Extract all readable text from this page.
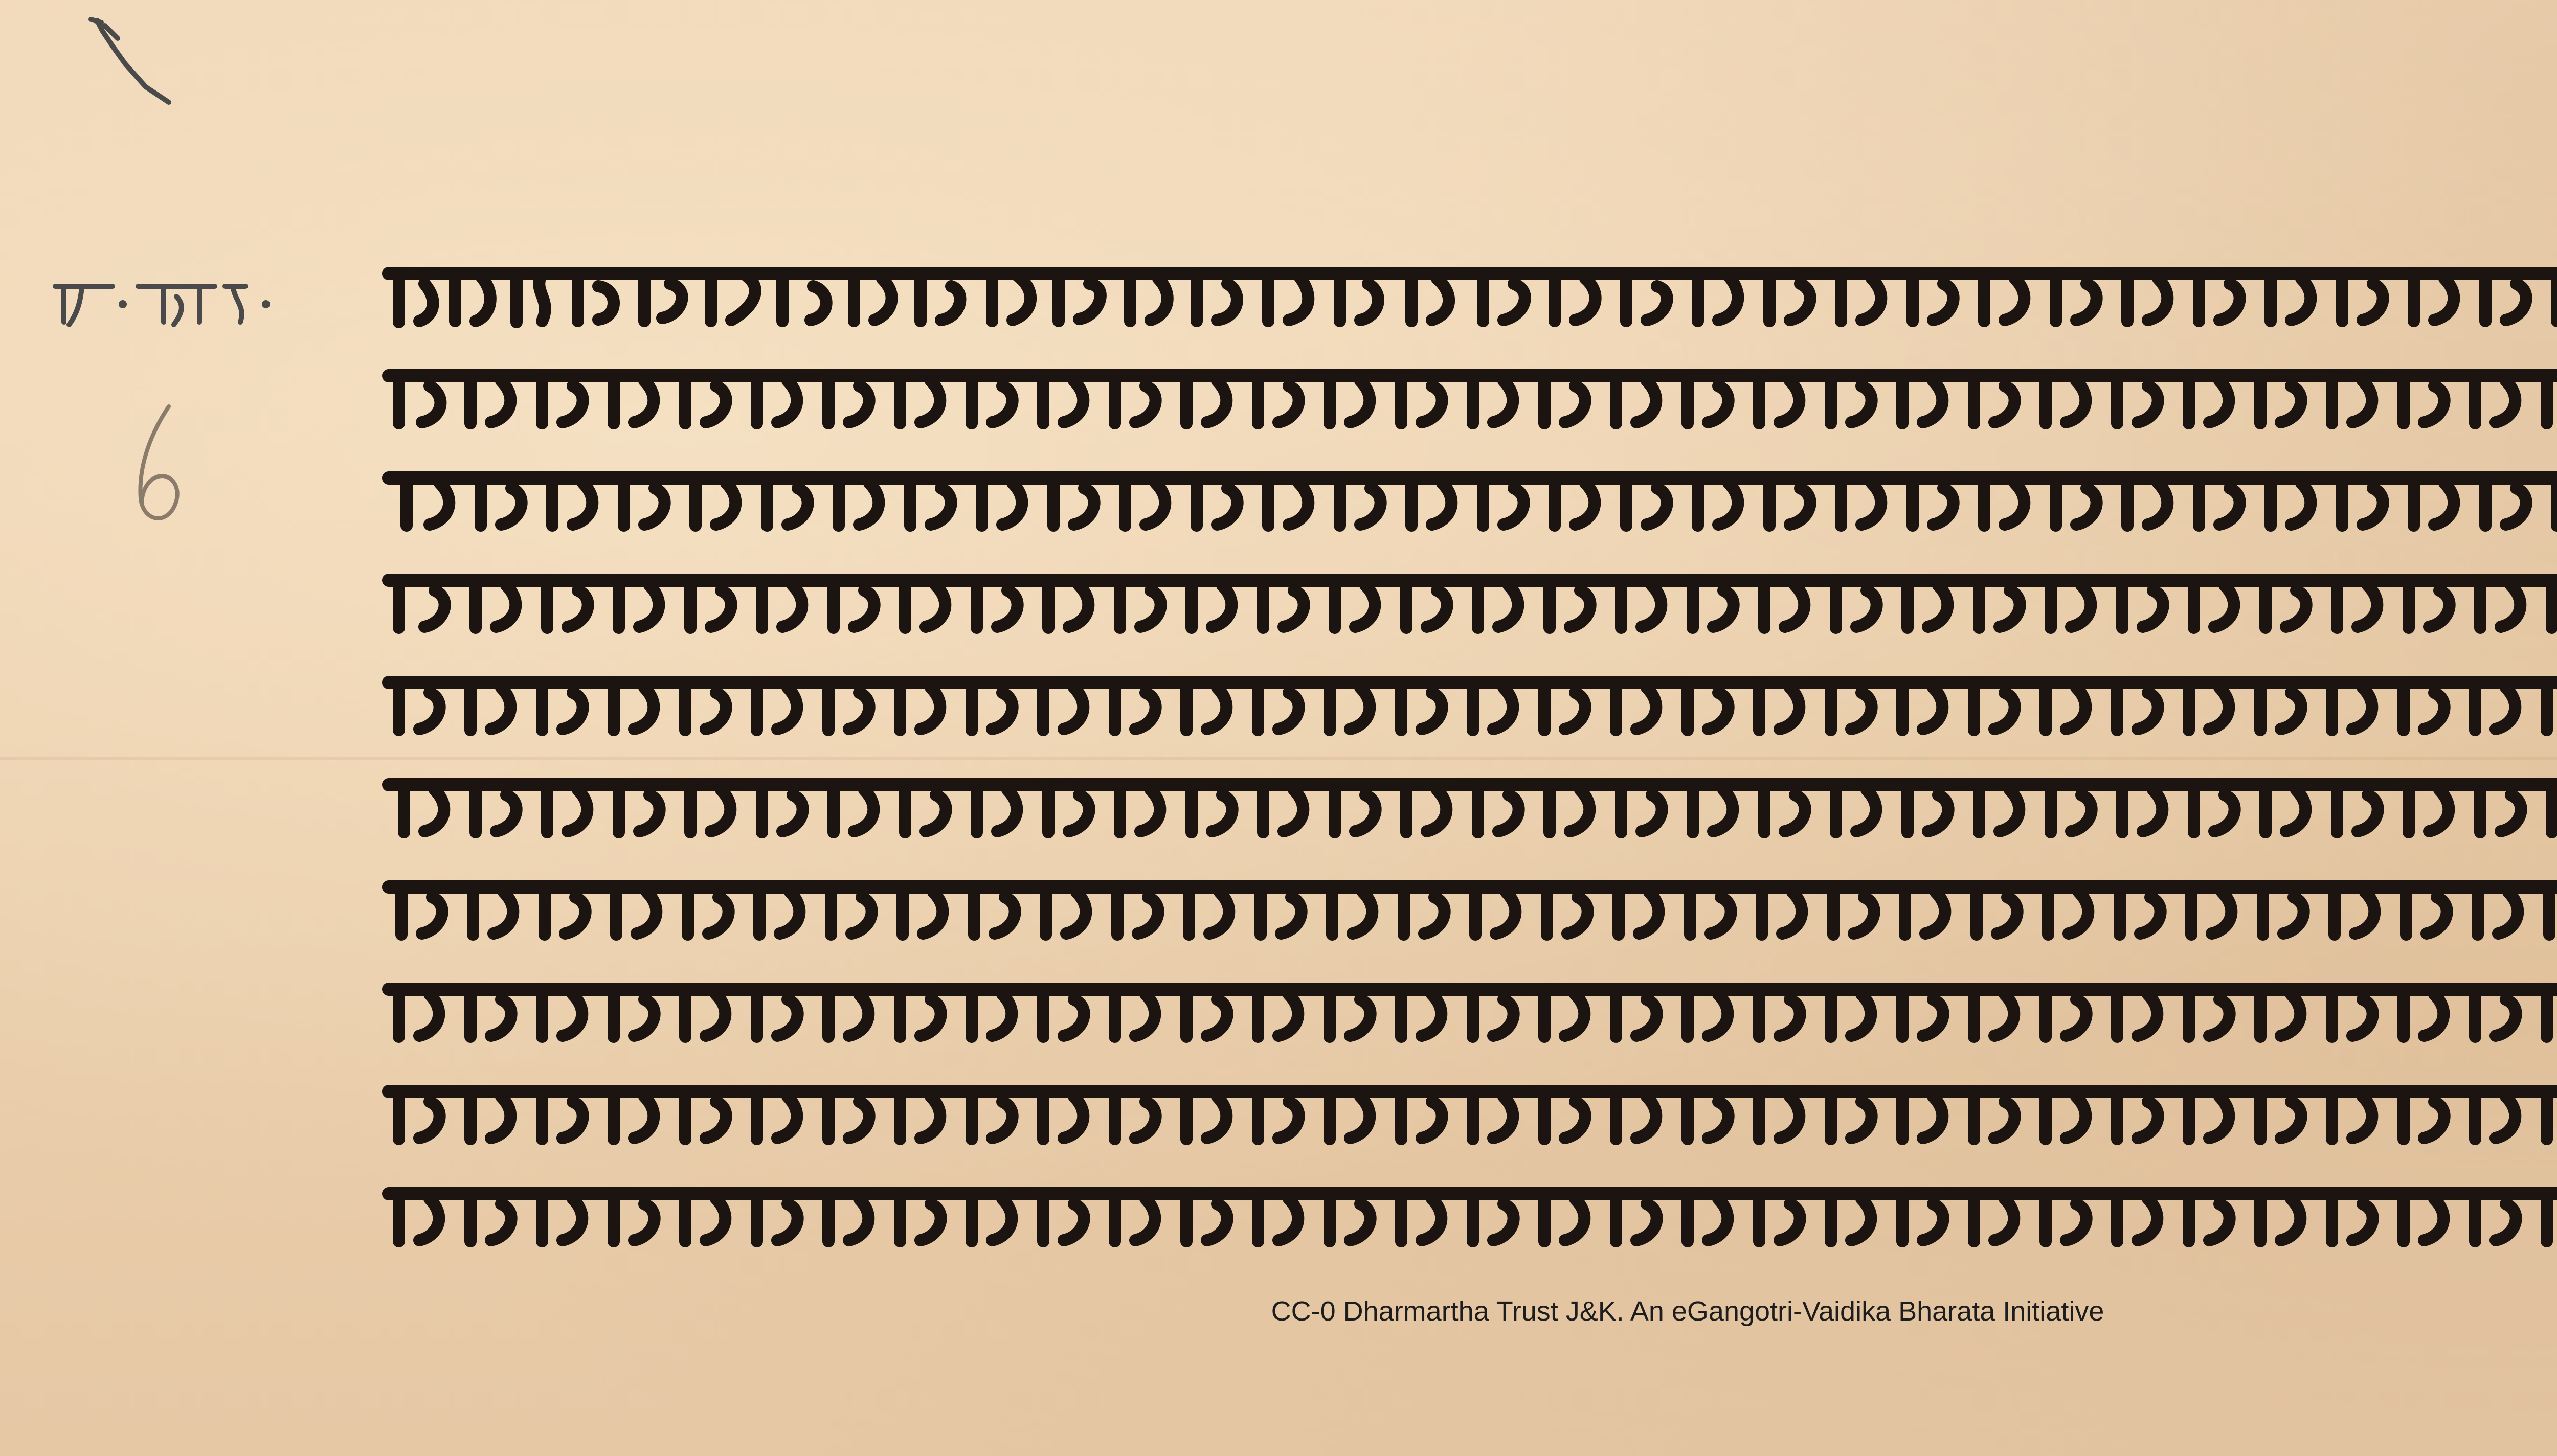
CC-0 Dharmartha Trust J&K. An eGangotri-Vaidika Bharata Initiative
